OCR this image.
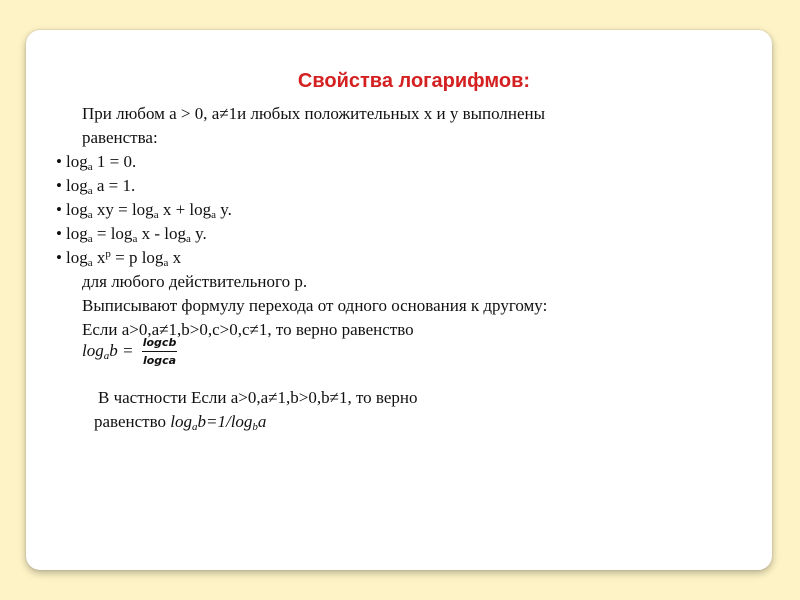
Свойства логарифмов:
При любом a > 0, a≠1и любых положительных x и y выполнены
равенства:
• $\log_a 1 = 0$.
• $\log_a a = 1$.
• $\log_a$ xy = $\log_a x + \log_a y$.
• $\log_a = \log_a x - \log_a y$.
• $\log_a x^p = p$ $\log_a x$
для любого действительного p.
Выписывают формулу перехода от одного основания к другому:
Если a>0,a≠1,b>0,c>0,c≠1, то верно равенство
$\log_ab = \frac{\text{logcb}}{\text{logca}}$
В частности Если a>0,a≠1,b>0,b≠1, то верно
равенство $\log_ab=1/\log_ba$
